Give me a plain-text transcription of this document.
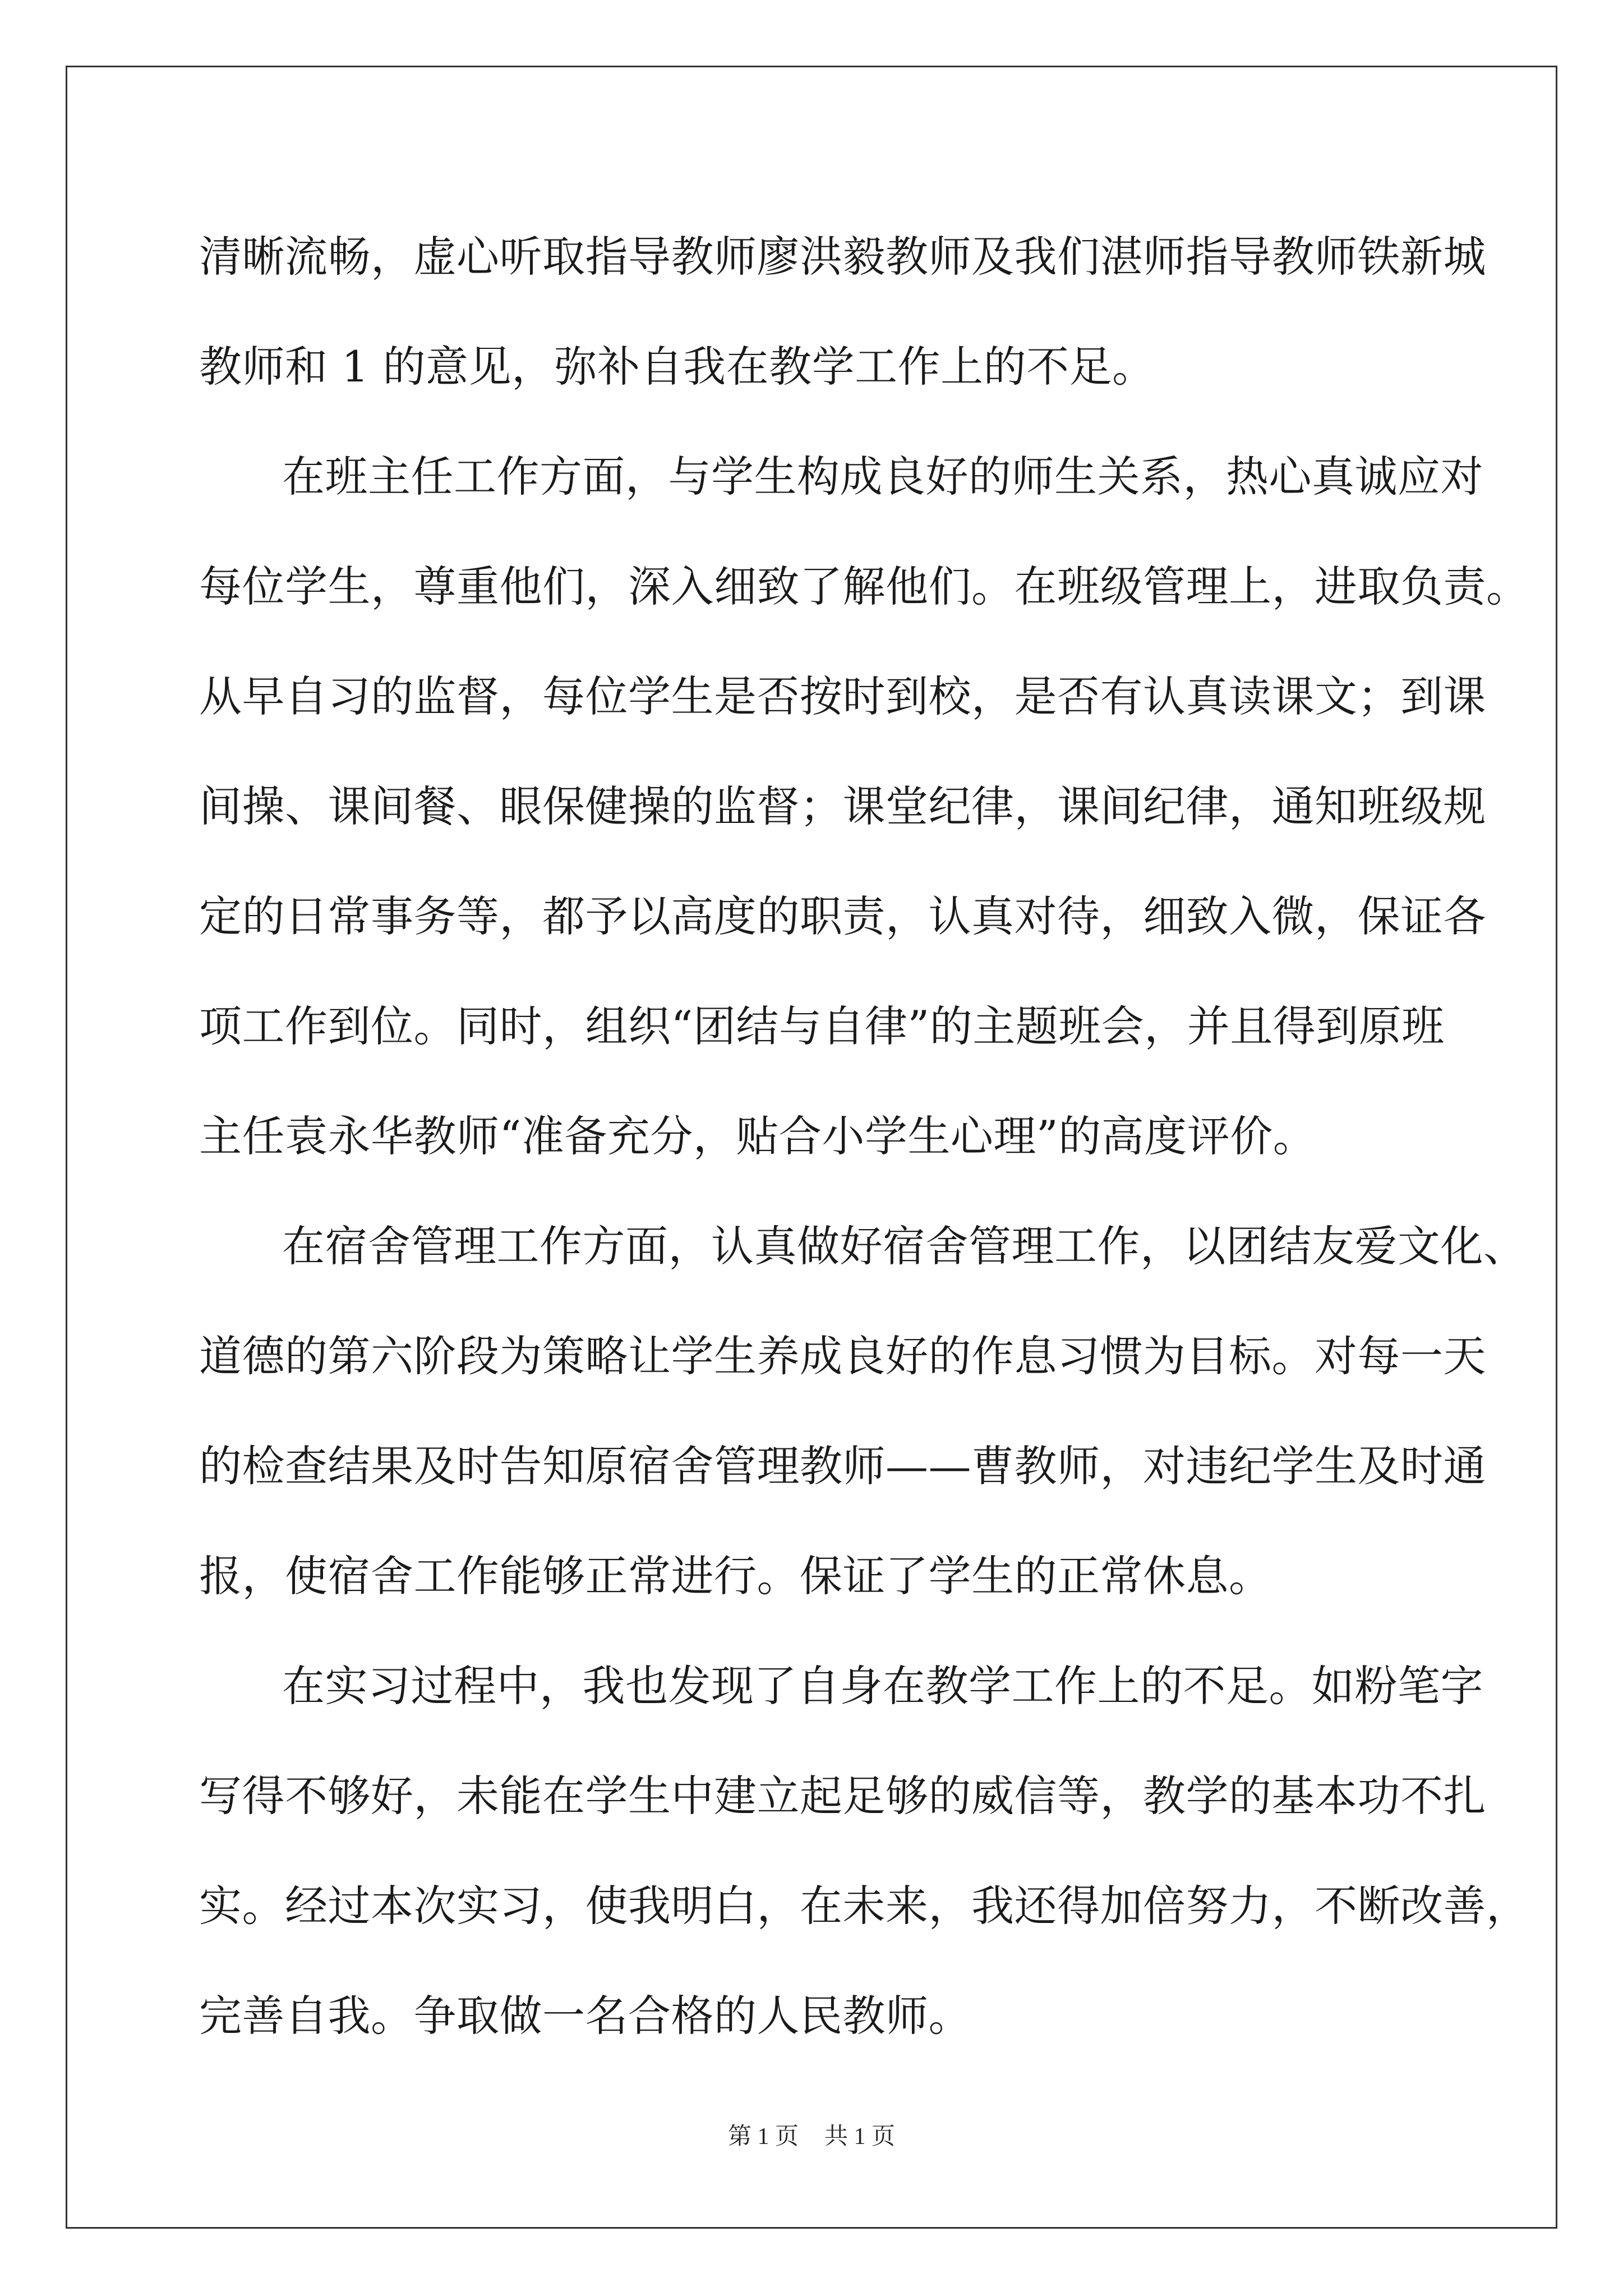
清晰流畅，虚心听取指导教师廖洪毅教师及我们湛师指导教师铁新城
教师和 1 的意见，弥补自我在教学工作上的不足。
在班主任工作方面，与学生构成良好的师生关系，热心真诚应对
每位学生，尊重他们，深入细致了解他们。在班级管理上，进取负责。
从早自习的监督，每位学生是否按时到校，是否有认真读课文；到课
间操、课间餐、眼保健操的监督；课堂纪律，课间纪律，通知班级规
定的日常事务等，都予以高度的职责，认真对待，细致入微，保证各
项工作到位。同时，组织“团结与自律”的主题班会，并且得到原班
主任袁永华教师“准备充分，贴合小学生心理”的高度评价。
在宿舍管理工作方面，认真做好宿舍管理工作，以团结友爱文化、
道德的第六阶段为策略让学生养成良好的作息习惯为目标。对每一天
的检查结果及时告知原宿舍管理教师——曹教师，对违纪学生及时通
报，使宿舍工作能够正常进行。保证了学生的正常休息。
在实习过程中，我也发现了自身在教学工作上的不足。如粉笔字
写得不够好，未能在学生中建立起足够的威信等，教学的基本功不扎
实。经过本次实习，使我明白，在未来，我还得加倍努力，不断改善，
完善自我。争取做一名合格的人民教师。
第 1 页 共 1 页
